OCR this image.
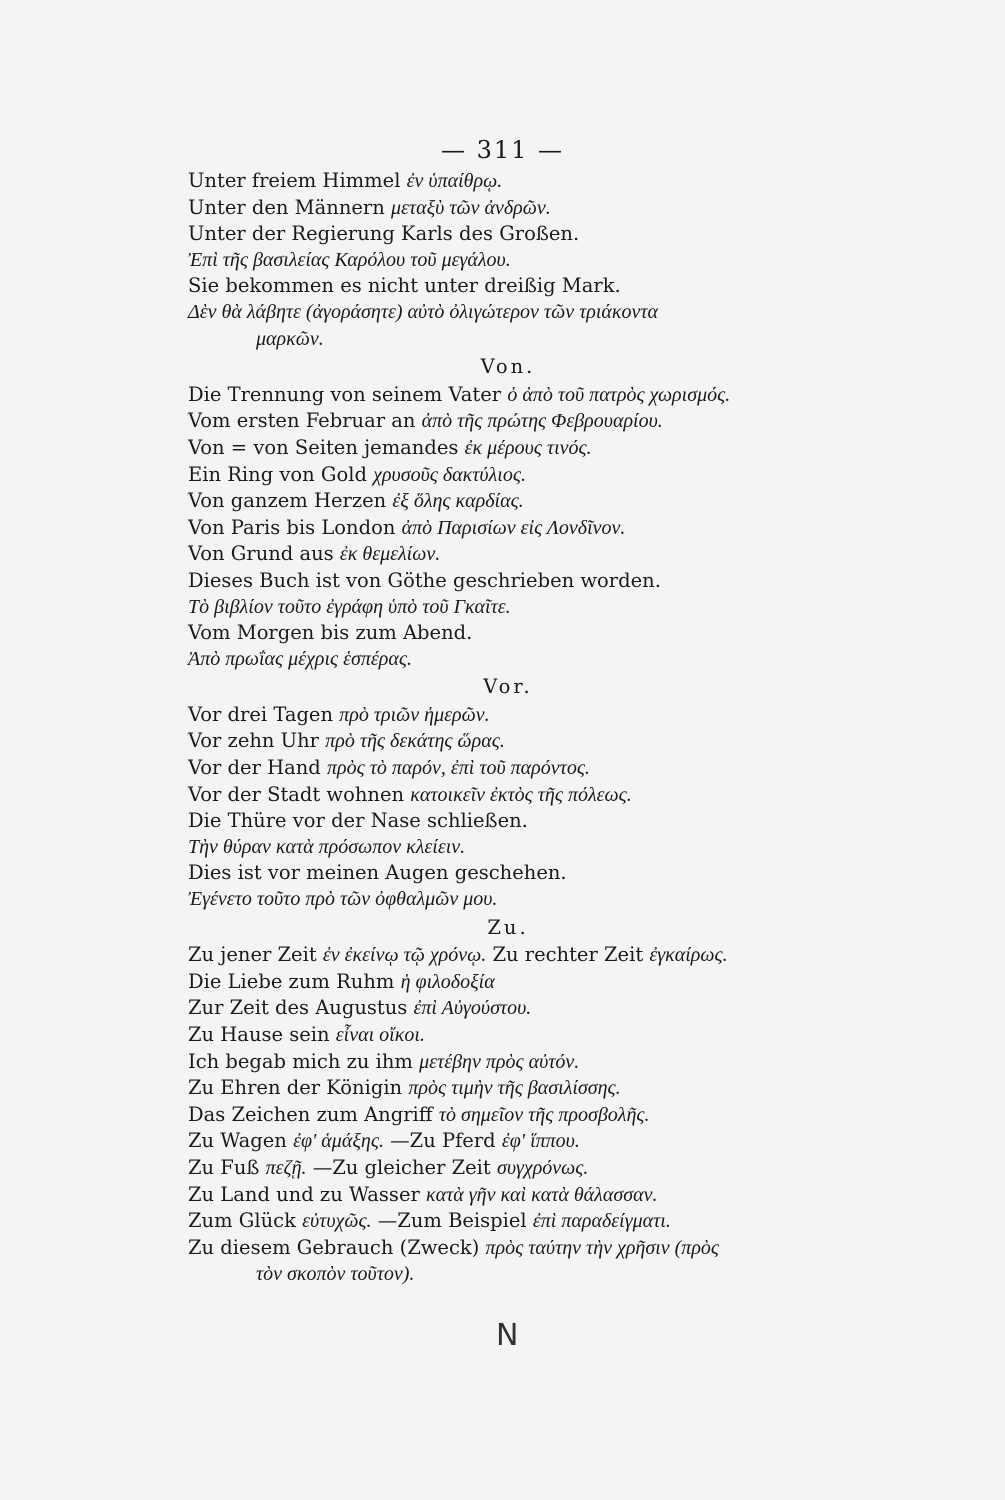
— 311 —
Unter freiem Himmel ἐν ὑπαίθρῳ.
Unter den Männern μεταξὺ τῶν ἀνδρῶν.
Unter der Regierung Karls des Großen.
Ἐπὶ τῆς βασιλείας Καρόλου τοῦ μεγάλου.
Sie bekommen es nicht unter dreißig Mark.
Δὲν θὰ λάβητε (ἀγοράσητε) αὐτὸ ὀλιγώτερον τῶν τριάκοντα
μαρκῶν.
Von.
Die Trennung von seinem Vater ὁ ἀπὸ τοῦ πατρὸς χωρισμός.
Vom ersten Februar an ἀπὸ τῆς πρώτης Φεβρουαρίου.
Von = von Seiten jemandes ἐκ μέρους τινός.
Ein Ring von Gold χρυσοῦς δακτύλιος.
Von ganzem Herzen ἐξ ὅλης καρδίας.
Von Paris bis London ἀπὸ Παρισίων εἰς Λονδῖνον.
Von Grund aus ἐκ θεμελίων.
Dieses Buch ist von Göthe geschrieben worden.
Τὸ βιβλίον τοῦτο ἐγράφη ὑπὸ τοῦ Γκαῖτε.
Vom Morgen bis zum Abend.
Ἀπὸ πρωΐας μέχρις ἑσπέρας.
Vor.
Vor drei Tagen πρὸ τριῶν ἡμερῶν.
Vor zehn Uhr πρὸ τῆς δεκάτης ὥρας.
Vor der Hand πρὸς τὸ παρόν, ἐπὶ τοῦ παρόντος.
Vor der Stadt wohnen κατοικεῖν ἐκτὸς τῆς πόλεως.
Die Thüre vor der Nase schließen.
Τὴν θύραν κατὰ πρόσωπον κλείειν.
Dies ist vor meinen Augen geschehen.
Ἐγένετο τοῦτο πρὸ τῶν ὀφθαλμῶν μου.
Zu.
Zu jener Zeit ἐν ἐκείνῳ τῷ χρόνῳ. Zu rechter Zeit ἐγκαίρως.
Die Liebe zum Ruhm ἡ φιλοδοξία
Zur Zeit des Augustus ἐπὶ Αὐγούστου.
Zu Hause sein εἶναι οἴκοι.
Ich begab mich zu ihm μετέβην πρὸς αὐτόν.
Zu Ehren der Königin πρὸς τιμὴν τῆς βασιλίσσης.
Das Zeichen zum Angriff τὸ σημεῖον τῆς προσβολῆς.
Zu Wagen ἐφ' ἁμάξης. —Zu Pferd ἐφ' ἵππου.
Zu Fuß πεζῇ. —Zu gleicher Zeit συγχρόνως.
Zu Land und zu Wasser κατὰ γῆν καὶ κατὰ θάλασσαν.
Zum Glück εὐτυχῶς. —Zum Beispiel ἐπὶ παραδείγματι.
Zu diesem Gebrauch (Zweck) πρὸς ταύτην τὴν χρῆσιν (πρὸς
τὸν σκοπὸν τοῦτον).
N
